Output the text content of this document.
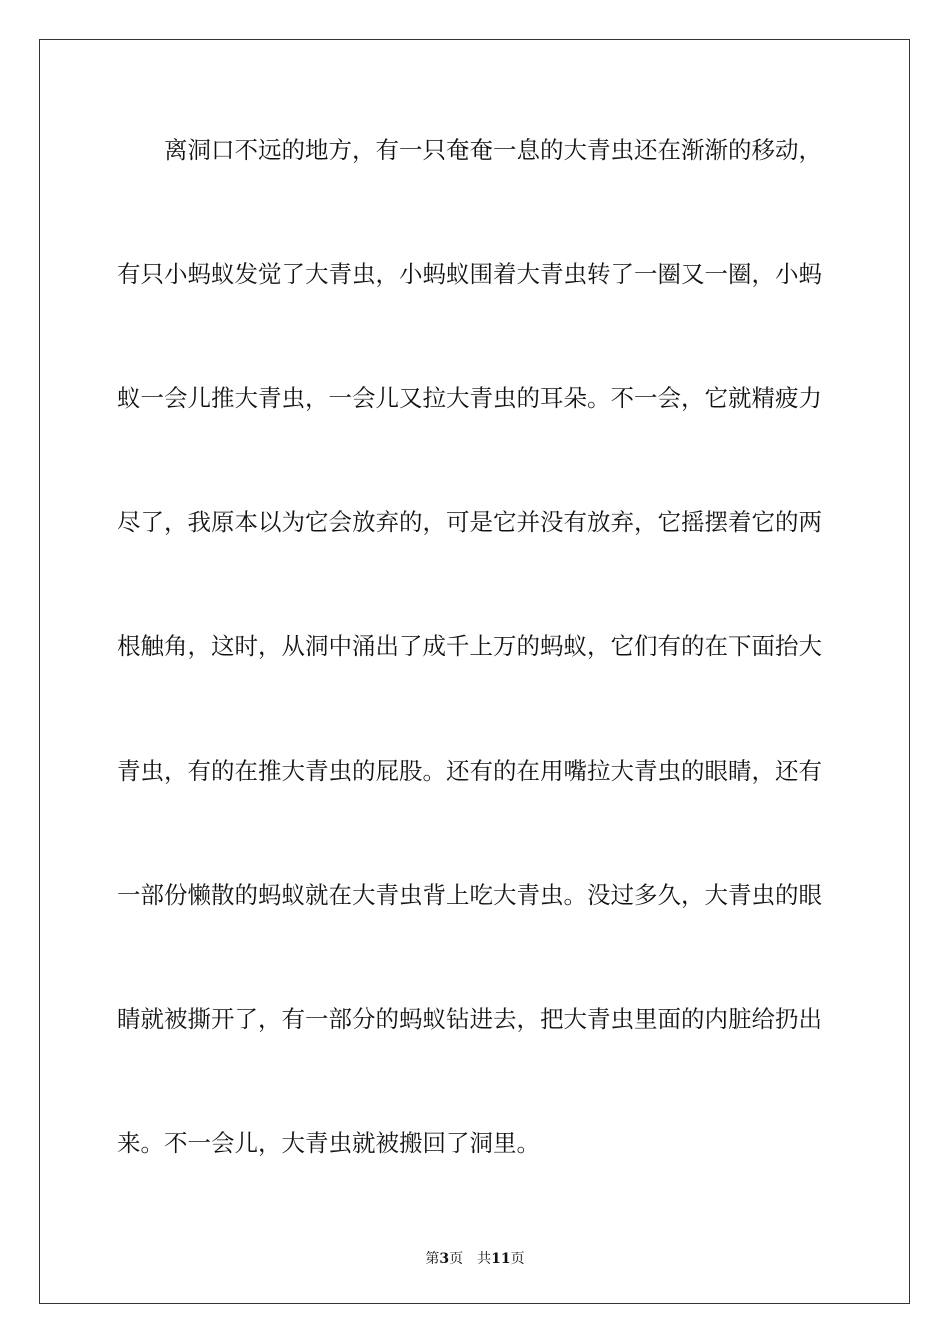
离洞口不远的地方，有一只奄奄一息的大青虫还在渐渐的移动，
有只小蚂蚁发觉了大青虫，小蚂蚁围着大青虫转了一圈又一圈，小蚂
蚁一会儿推大青虫，一会儿又拉大青虫的耳朵。不一会，它就精疲力
尽了，我原本以为它会放弃的，可是它并没有放弃，它摇摆着它的两
根触角，这时，从洞中涌出了成千上万的蚂蚁，它们有的在下面抬大
青虫，有的在推大青虫的屁股。还有的在用嘴拉大青虫的眼睛，还有
一部份懒散的蚂蚁就在大青虫背上吃大青虫。没过多久，大青虫的眼
睛就被撕开了，有一部分的蚂蚁钻进去，把大青虫里面的内脏给扔出
来。不一会儿，大青虫就被搬回了洞里。
第3页 共11页
